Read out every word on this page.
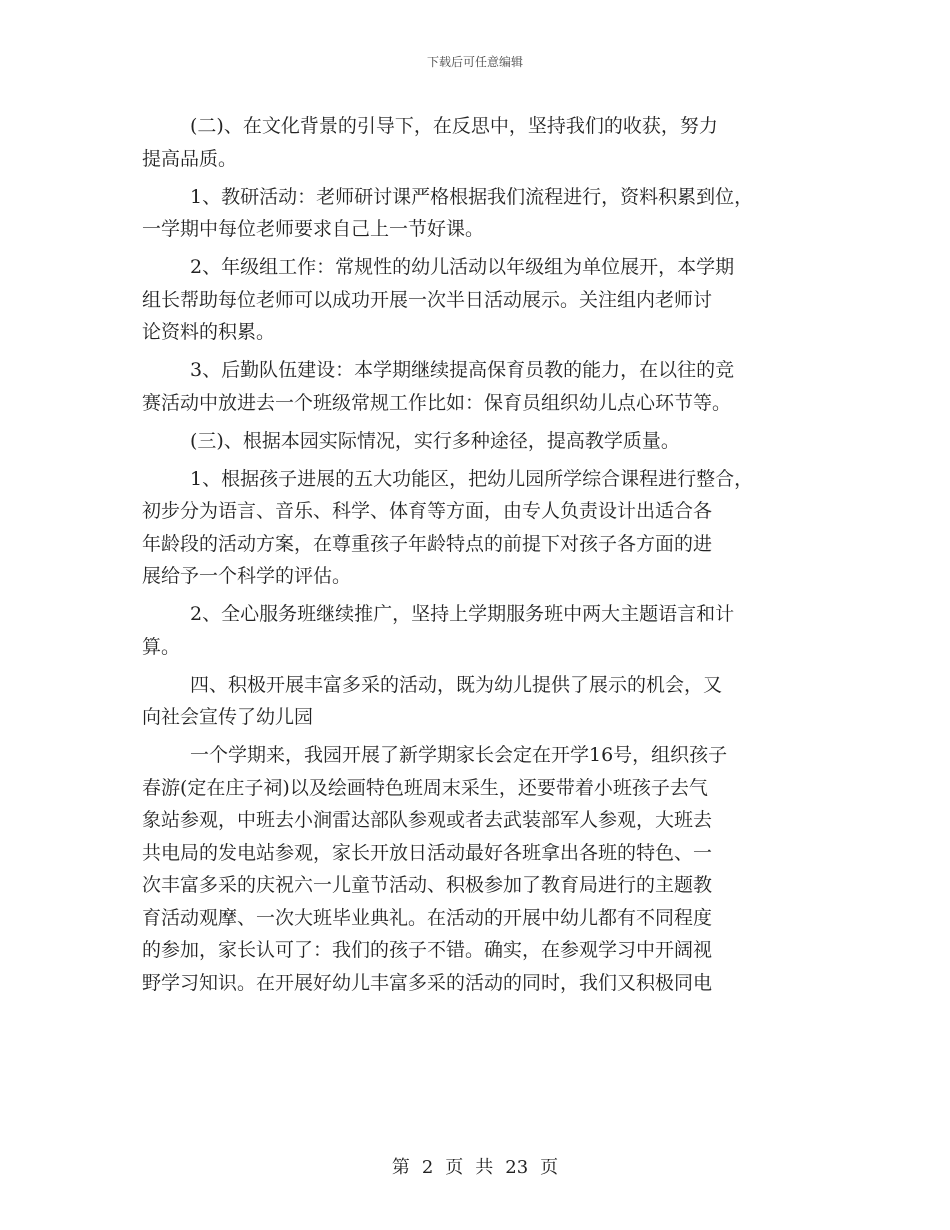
下载后可任意编辑
(二)、在文化背景的引导下，在反思中，坚持我们的收获，努力
提高品质。
1、教研活动：老师研讨课严格根据我们流程进行，资料积累到位，
一学期中每位老师要求自己上一节好课。
2、年级组工作：常规性的幼儿活动以年级组为单位展开，本学期
组长帮助每位老师可以成功开展一次半日活动展示。关注组内老师讨
论资料的积累。
3、后勤队伍建设：本学期继续提高保育员教的能力，在以往的竞
赛活动中放进去一个班级常规工作比如：保育员组织幼儿点心环节等。
(三)、根据本园实际情况，实行多种途径，提高教学质量。
1、根据孩子进展的五大功能区，把幼儿园所学综合课程进行整合，
初步分为语言、音乐、科学、体育等方面，由专人负责设计出适合各
年龄段的活动方案，在尊重孩子年龄特点的前提下对孩子各方面的进
展给予一个科学的评估。
2、全心服务班继续推广，坚持上学期服务班中两大主题语言和计
算。
四、积极开展丰富多采的活动，既为幼儿提供了展示的机会，又
向社会宣传了幼儿园
一个学期来，我园开展了新学期家长会定在开学16号，组织孩子
春游(定在庄子祠)以及绘画特色班周末采生，还要带着小班孩子去气
象站参观，中班去小涧雷达部队参观或者去武装部军人参观，大班去
共电局的发电站参观，家长开放日活动最好各班拿出各班的特色、一
次丰富多采的庆祝六一儿童节活动、积极参加了教育局进行的主题教
育活动观摩、一次大班毕业典礼。在活动的开展中幼儿都有不同程度
的参加，家长认可了：我们的孩子不错。确实，在参观学习中开阔视
野学习知识。在开展好幼儿丰富多采的活动的同时，我们又积极同电
第 2 页 共 23 页
